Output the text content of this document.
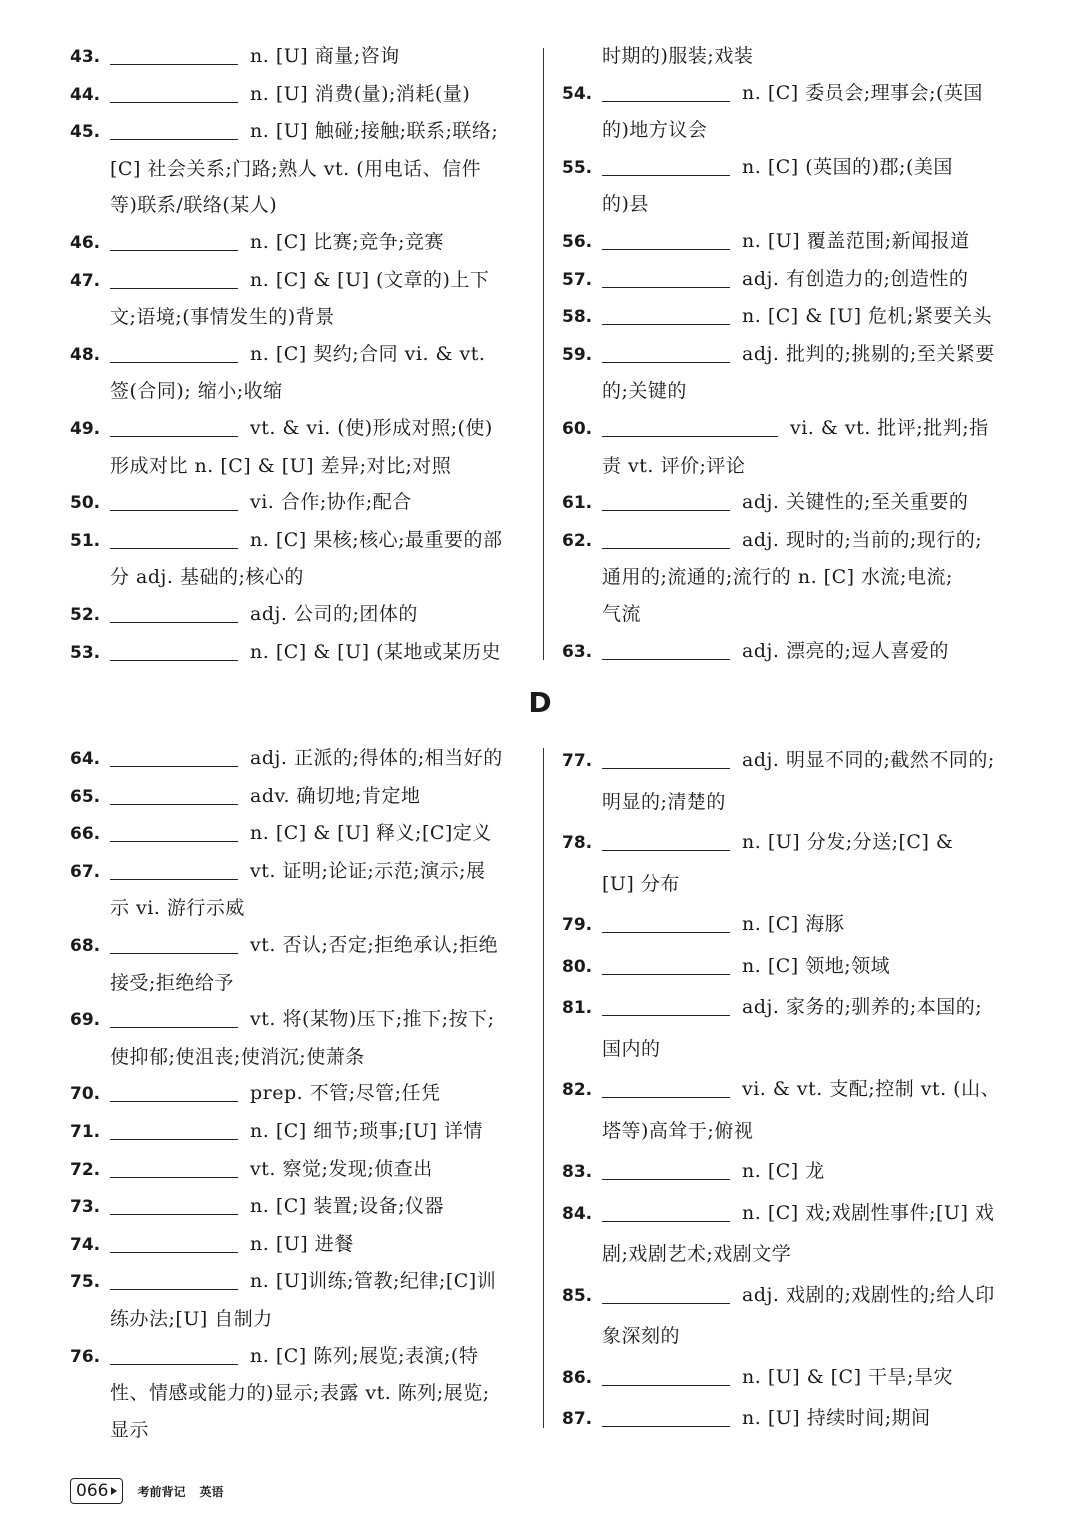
43.	n. [U] 商量;咨询
44.	n. [U] 消费(量);消耗(量)
45.	n. [U] 触碰;接触;联系;联络;
[C] 社会关系;门路;熟人 vt. (用电话、信件
等)联系/联络(某人)
46.	n. [C] 比赛;竞争;竞赛
47.	n. [C] & [U] (文章的)上下
文;语境;(事情发生的)背景
48.	n. [C] 契约;合同 vi. & vt.
签(合同); 缩小;收缩
49.	vt. & vi. (使)形成对照;(使)
形成对比 n. [C] & [U] 差异;对比;对照
50.	vi. 合作;协作;配合
51.	n. [C] 果核;核心;最重要的部
分 adj. 基础的;核心的
52.	adj. 公司的;团体的
53.	n. [C] & [U] (某地或某历史
时期的)服装;戏装
54.	n. [C] 委员会;理事会;(英国
的)地方议会
55.	n. [C] (英国的)郡;(美国
的)县
56.	n. [U] 覆盖范围;新闻报道
57.	adj. 有创造力的;创造性的
58.	n. [C] & [U] 危机;紧要关头
59.	adj. 批判的;挑剔的;至关紧要
的;关键的
60.	vi. & vt. 批评;批判;指
责 vt. 评价;评论
61.	adj. 关键性的;至关重要的
62.	adj. 现时的;当前的;现行的;
通用的;流通的;流行的 n. [C] 水流;电流;
气流
63.	adj. 漂亮的;逗人喜爱的
D
64.	adj. 正派的;得体的;相当好的
65.	adv. 确切地;肯定地
66.	n. [C] & [U] 释义;[C]定义
67.	vt. 证明;论证;示范;演示;展
示 vi. 游行示威
68.	vt. 否认;否定;拒绝承认;拒绝
接受;拒绝给予
69.	vt. 将(某物)压下;推下;按下;
使抑郁;使沮丧;使消沉;使萧条
70.	prep. 不管;尽管;任凭
71.	n. [C] 细节;琐事;[U] 详情
72.	vt. 察觉;发现;侦查出
73.	n. [C] 装置;设备;仪器
74.	n. [U] 进餐
75.	n. [U]训练;管教;纪律;[C]训
练办法;[U] 自制力
76.	n. [C] 陈列;展览;表演;(特
性、情感或能力的)显示;表露 vt. 陈列;展览;
显示
77.	adj. 明显不同的;截然不同的;
明显的;清楚的
78.	n. [U] 分发;分送;[C] &
[U] 分布
79.	n. [C] 海豚
80.	n. [C] 领地;领域
81.	adj. 家务的;驯养的;本国的;
国内的
82.	vi. & vt. 支配;控制 vt. (山、
塔等)高耸于;俯视
83.	n. [C] 龙
84.	n. [C] 戏;戏剧性事件;[U] 戏
剧;戏剧艺术;戏剧文学
85.	adj. 戏剧的;戏剧性的;给人印
象深刻的
86.	n. [U] & [C] 干旱;旱灾
87.	n. [U] 持续时间;期间
066 考前背记 英语
